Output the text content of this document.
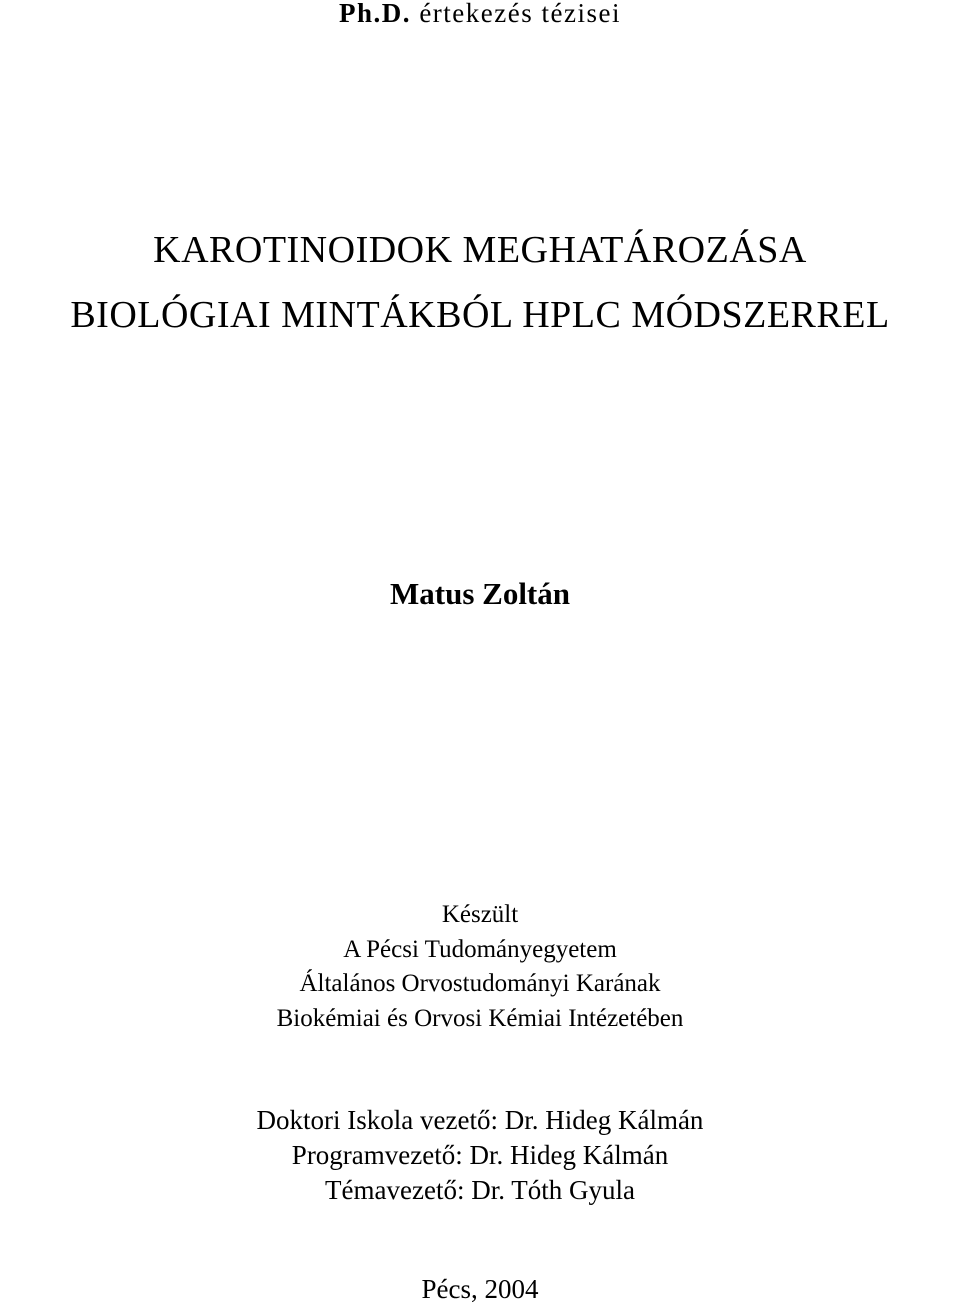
Ph.D. értekezés tézisei
KAROTINOIDOK MEGHATÁROZÁSA
BIOLÓGIAI MINTÁKBÓL HPLC MÓDSZERREL
Matus Zoltán
Készült
A Pécsi Tudományegyetem
Általános Orvostudományi Karának
Biokémiai és Orvosi Kémiai Intézetében
Doktori Iskola vezető: Dr. Hideg Kálmán
Programvezető: Dr. Hideg Kálmán
Témavezető: Dr. Tóth Gyula
Pécs, 2004
